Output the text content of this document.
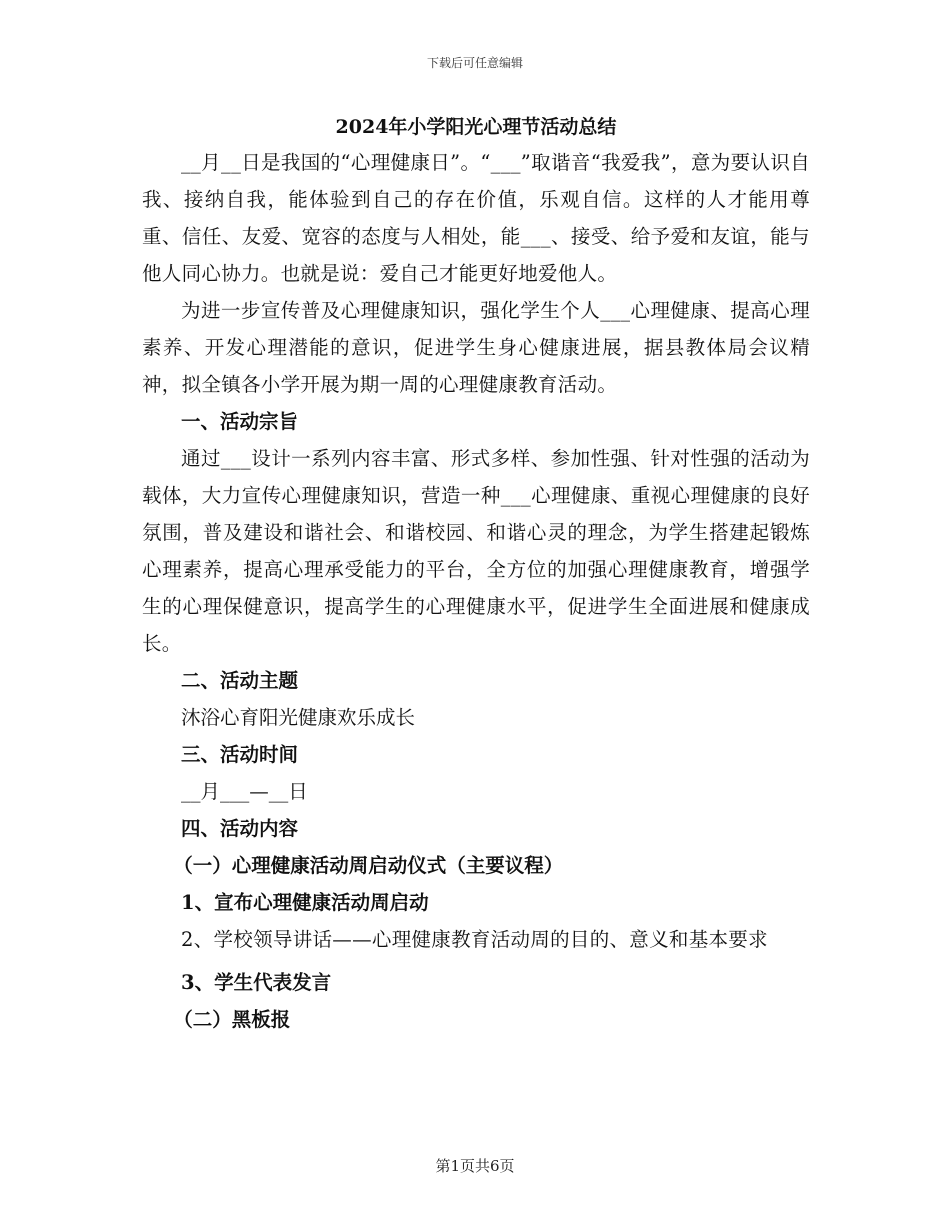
下载后可任意编辑

2024年小学阳光心理节活动总结

__月__日是我国的“心理健康日”。“___”取谐音“我爱我”，意为要认识自我、接纳自我，能体验到自己的存在价值，乐观自信。这样的人才能用尊重、信任、友爱、宽容的态度与人相处，能___、接受、给予爱和友谊，能与他人同心协力。也就是说：爱自己才能更好地爱他人。

为进一步宣传普及心理健康知识，强化学生个人___心理健康、提高心理素养、开发心理潜能的意识，促进学生身心健康进展，据县教体局会议精神，拟全镇各小学开展为期一周的心理健康教育活动。

一、活动宗旨

通过___设计一系列内容丰富、形式多样、参加性强、针对性强的活动为载体，大力宣传心理健康知识，营造一种___心理健康、重视心理健康的良好氛围，普及建设和谐社会、和谐校园、和谐心灵的理念，为学生搭建起锻炼心理素养，提高心理承受能力的平台，全方位的加强心理健康教育，增强学生的心理保健意识，提高学生的心理健康水平，促进学生全面进展和健康成长。

二、活动主题

沐浴心育阳光健康欢乐成长

三、活动时间

__月___—__日

四、活动内容

（一）心理健康活动周启动仪式（主要议程）

1、宣布心理健康活动周启动

2、学校领导讲话——心理健康教育活动周的目的、意义和基本要求

3、学生代表发言

（二）黑板报

第1页共6页
